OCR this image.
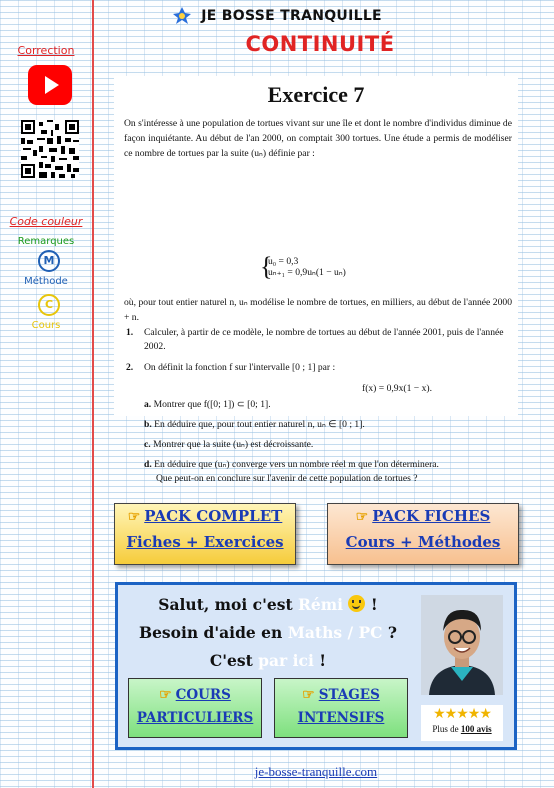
JE BOSSE TRANQUILLE
CONTINUITÉ
Correction
Code couleur
Remarques
M
Méthode
C
Cours
Exercice 7
On s'intéresse à une population de tortues vivant sur une île et dont le nombre d'individus diminue de façon inquiétante. Au début de l'an 2000, on comptait 300 tortues. Une étude a permis de modéliser ce nombre de tortues par la suite (uₙ) définie par :
{
u₀ = 0,3
uₙ₊₁ = 0,9uₙ(1 − uₙ)
où, pour tout entier naturel n, uₙ modélise le nombre de tortues, en milliers, au début de l'année 2000 + n.
1. Calculer, à partir de ce modèle, le nombre de tortues au début de l'année 2001, puis de l'année 2002.
2. On définit la fonction f sur l'intervalle [0 ; 1] par :
f(x) = 0,9x(1 − x).
a. Montrer que f([0; 1]) ⊂ [0; 1].
b. En déduire que, pour tout entier naturel n, uₙ ∈ [0 ; 1].
c. Montrer que la suite (uₙ) est décroissante.
d. En déduire que (uₙ) converge vers un nombre réel m que l'on déterminera.
Que peut-on en conclure sur l'avenir de cette population de tortues ?
☞ PACK COMPLET
Fiches + Exercices
☞ PACK FICHES
Cours + Méthodes
Salut, moi c'est Rémi !
Besoin d'aide en Maths / PC ?
C'est par ici !
☞ COURS
PARTICULIERS
☞ STAGES
INTENSIFS	★★★★★
Plus de 100 avis
je-bosse-tranquille.com
